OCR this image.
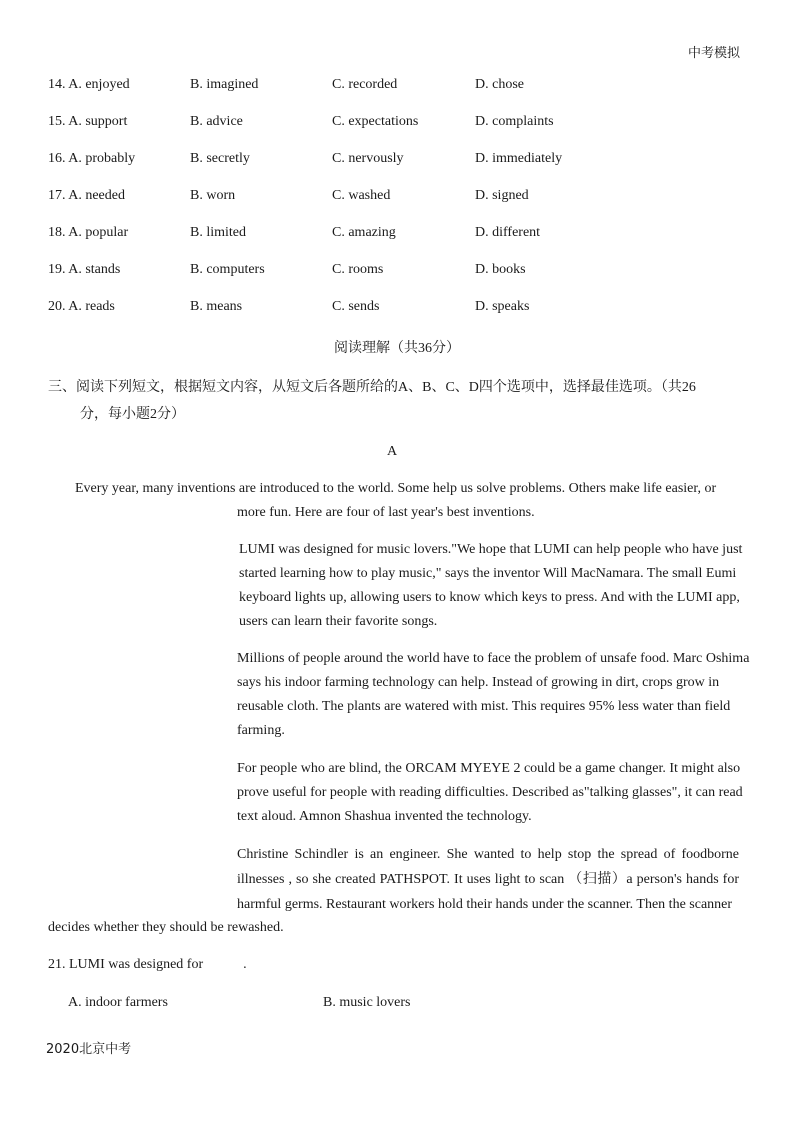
中考模拟
14. A. enjoyed	B. imagined	C. recorded	D. chose
15. A. support	B. advice	C. expectations	D. complaints
16. A. probably	B. secretly	C. nervously	D. immediately
17. A. needed	B. worn	C. washed	D. signed
18. A. popular	B. limited	C. amazing	D. different
19. A. stands	B. computers	C. rooms	D. books
20. A. reads	B. means	C. sends	D. speaks
阅读理解（共36分）
三、阅读下列短文，根据短文内容，从短文后各题所给的A、B、C、D四个选项中，选择最佳选项。（共26
分，每小题2分）
A
Every year, many inventions are introduced to the world. Some help us solve problems. Others make life easier, or
more fun. Here are four of last year's best inventions.

LUMI was designed for music lovers."We hope that LUMI can help people who have just started learning how to play music," says the inventor Will MacNamara. The small Eumi keyboard lights up, allowing users to know which keys to press. And with the LUMI app, users can learn their favorite songs.

Millions of people around the world have to face the problem of unsafe food. Marc Oshima says his indoor farming technology can help. Instead of growing in dirt, crops grow in reusable cloth. The plants are watered with mist. This requires 95% less water than field farming.

For people who are blind, the ORCAM MYEYE 2 could be a game changer. It might also prove useful for people with reading difficulties. Described as"talking glasses", it can read text aloud. Amnon Shashua invented the technology.

Christine Schindler is an engineer. She wanted to help stop the spread of foodborne illnesses , so she created PATHSPOT. It uses light to scan （扫描）a person's hands for harmful germs. Restaurant workers hold their hands under the scanner. Then the scanner

decides whether they should be rewashed.
21. LUMI was designed for	.
A. indoor farmers	B. music lovers
2020北京中考
